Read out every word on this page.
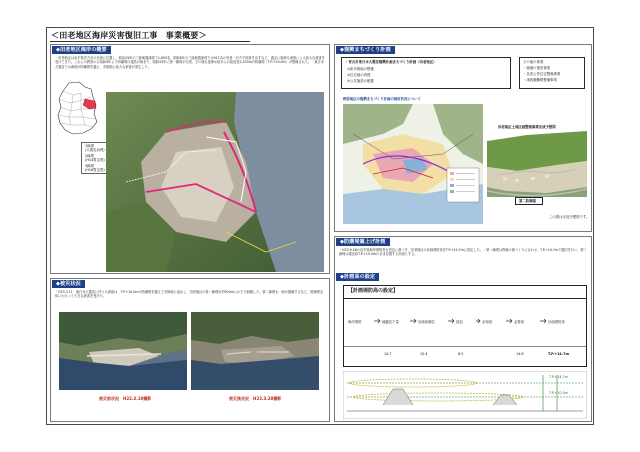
＜田老地区海岸災害復旧工事　事業概要＞
◆田老地区海岸の概要
・田老地区は岩手県宮古市の北部に位置し、明治29年の三陸地震津波で1,859名、昭和8年の三陸地震津波では911名の死者・行方不明者を出すなど、過去に幾度も津波による甚大な被害を受けてきた。これらの教訓から昭和9年より防潮堤の建設が始まり、昭和33年に第一線堤が完成、その後も延伸が続けられ総延長2,433mの防潮堤（T.P.+10.0m）が整備された。・東日本大震災では津波が防潮堤を越え、市街地に甚大な被害が発生した。
1線堤
(大震災前堤)
2線堤
(H14暫定堤)
3線堤
(H16暫定堤)
◆被災状況
・H23.3.11　東日本大震災に伴う大津波は、T.P.+10.0mの防潮堤を越えて市街地に浸水し、田老地区の第一線堤が約500mにわたり倒壊した。第二線堤も一部が損壊するなど、防潮堤全体にわたって大きな被害を受けた。
被災前状況　H22.3.10撮影	被災後状況　H23.3.28撮影
◆復興まちづくり計画
・宮古市東日本大震災復興計画まちづくり計画（田老地区）
①新市街地の整備
②住宅地の再建
③公共施設の配置
その他の事業
・漁港の復旧事業
・災害公営住宅整備事業
・津波避難路整備事業
野原地区の復興まちづくり計画の検討状況について
田老地区土地区画整理事業完成予想図
第二防潮堤
この図は完成予想図です。
◆防潮堤嵩上げ計画
・H23.9.26の岩手県海岸堤防高さ設定に基づき、田老地区の計画堤防高をT.P.+14.7mに設定した。・第一線堤は背後の街づくりに合わせ、T.P.+14.7mで復旧を行い、第二線堤は現況高T.P.+10.0mのまま存置する計画とする。
◆計画高の設定
【計画堤防高の設定】
海岸堤防	地盤沈下量	計画高潮位	波浪	余裕高	必要高	計画堤防高
14.7	10.4	8.5	14.6	T.P.+14.7m
T.P.+14.7m
T.P.+10.0m
